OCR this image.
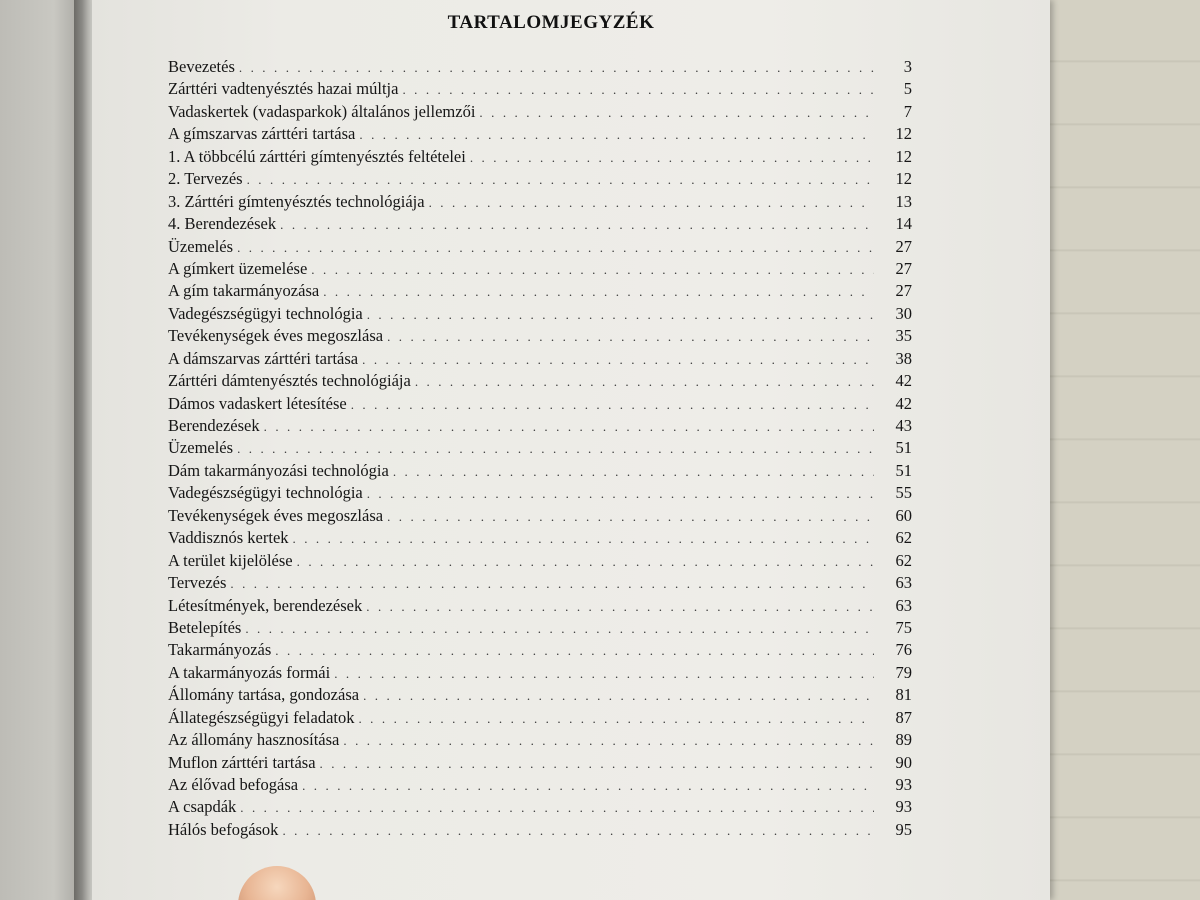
TARTALOMJEGYZÉK
Bevezetés . . .	3
Zárttéri vadtenyésztés hazai múltja . . .	5
Vadaskertek (vadasparkok) általános jellemzői . . .	7
A gímszarvas zárttéri tartása . . .	12
1. A többcélú zárttéri gímtenyésztés feltételei . . .	12
2. Tervezés . . .	12
3. Zárttéri gímtenyésztés technológiája . . .	13
4. Berendezések . . .	14
Üzemelés . . .	27
A gímkert üzemelése . . .	27
A gím takarmányozása . . .	27
Vadegészségügyi technológia . . .	30
Tevékenységek éves megoszlása . . .	35
A dámszarvas zárttéri tartása . . .	38
Zárttéri dámtenyésztés technológiája . . .	42
Dámos vadaskert létesítése . . .	42
Berendezések . . .	43
Üzemelés . . .	51
Dám takarmányozási technológia . . .	51
Vadegészségügyi technológia . . .	55
Tevékenységek éves megoszlása . . .	60
Vaddisznós kertek . . .	62
A terület kijelölése . . .	62
Tervezés . . .	63
Létesítmények, berendezések . . .	63
Betelepítés . . .	75
Takarmányozás . . .	76
A takarmányozás formái . . .	79
Állomány tartása, gondozása . . .	81
Állategészségügyi feladatok . . .	87
Az állomány hasznosítása . . .	89
Muflon zárttéri tartása . . .	90
Az élővad befogása . . .	93
A csapdák . . .	93
Hálós befogások . . .	95
